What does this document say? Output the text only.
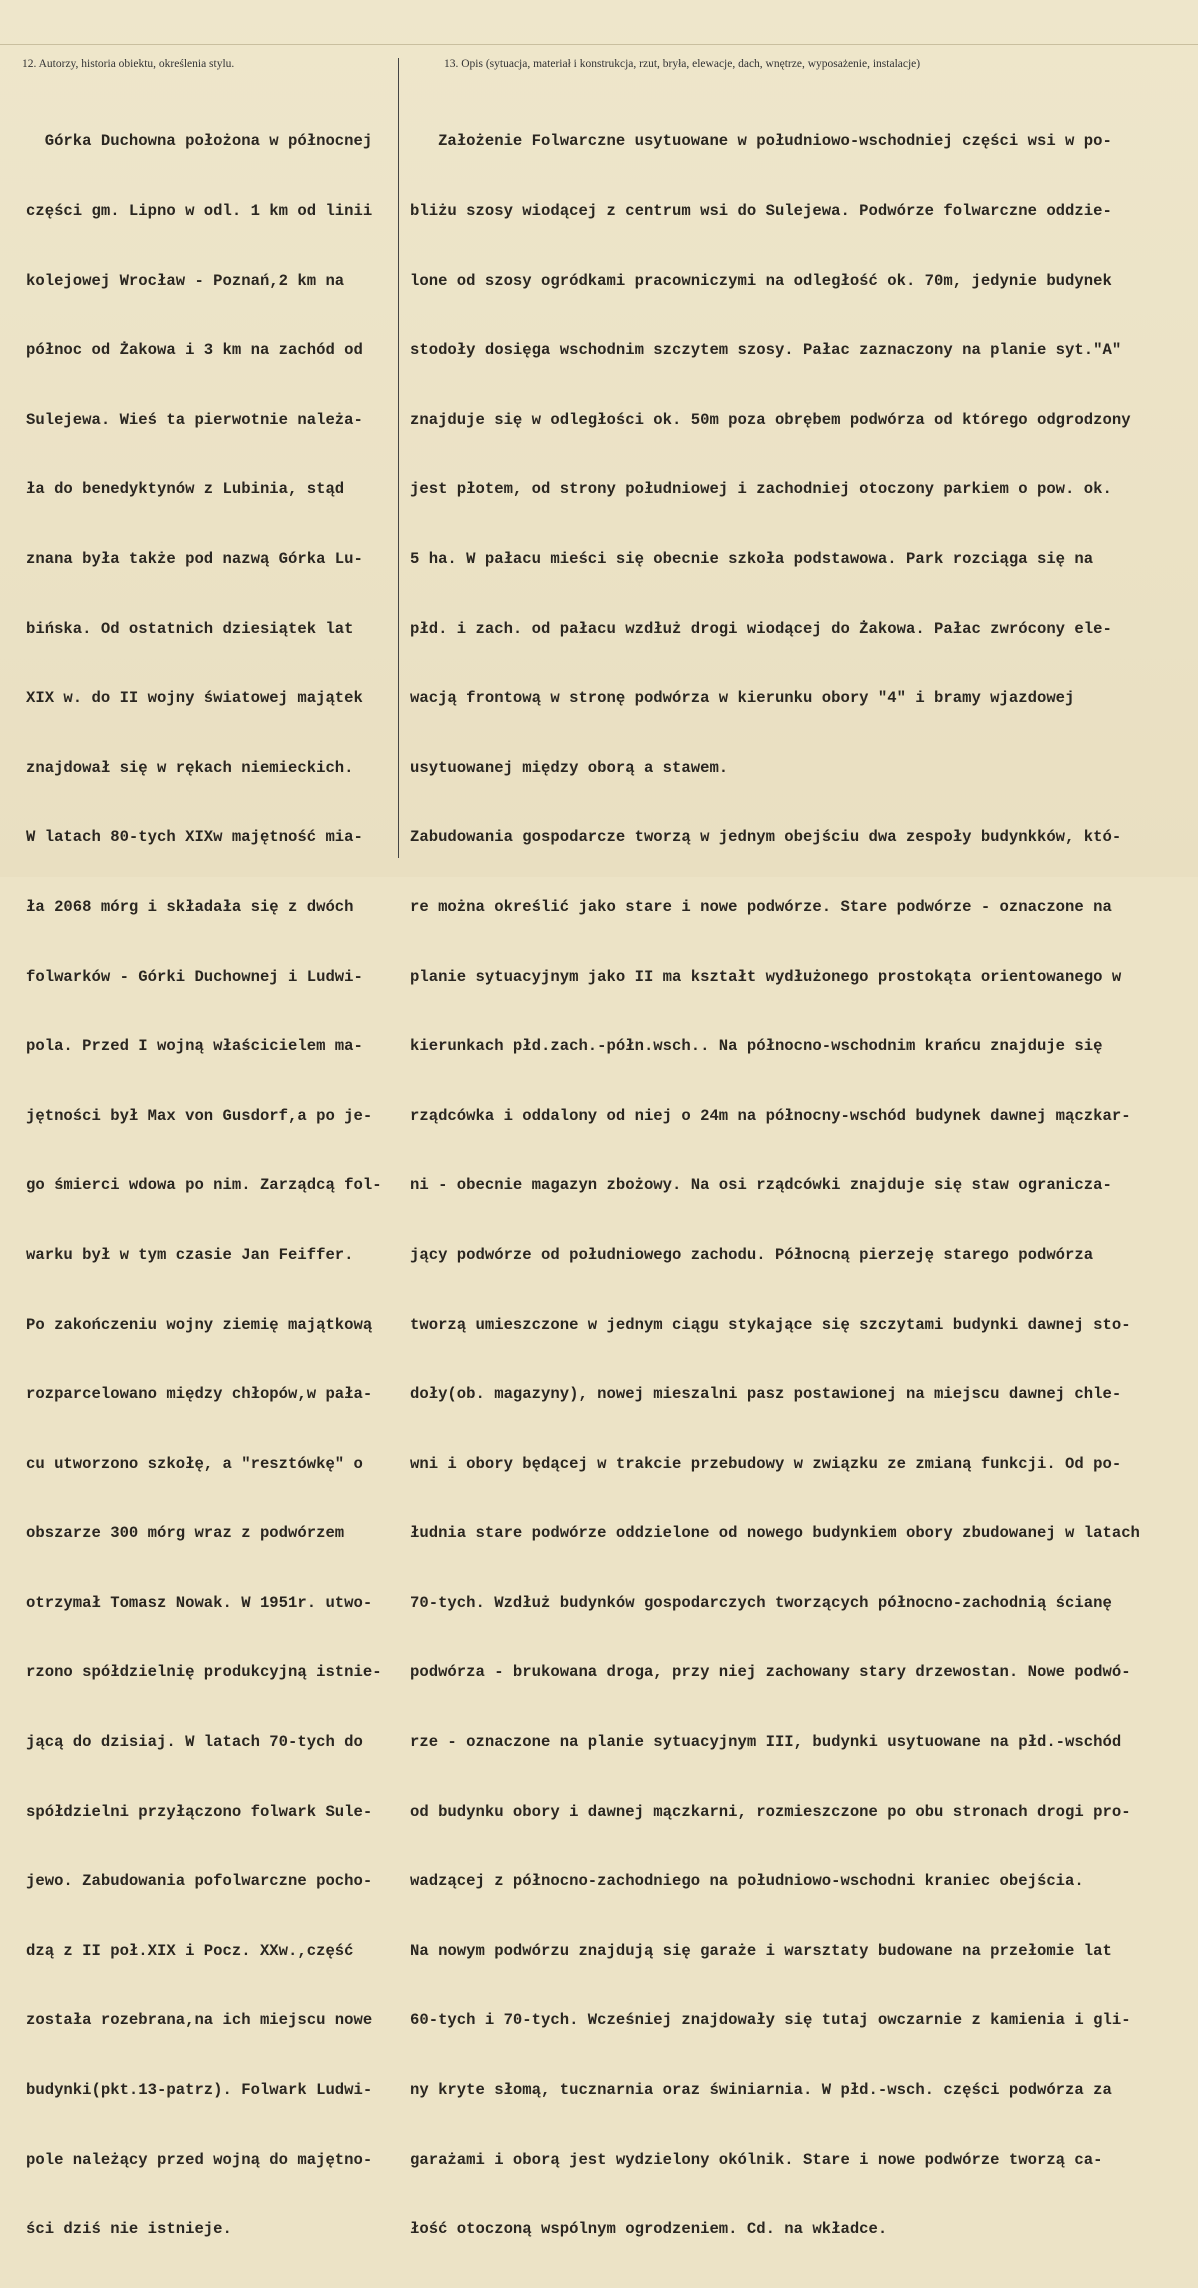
12. Autorzy, historia obiektu, określenia stylu.	13. Opis (sytuacja, materiał i konstrukcja, rzut, bryła, elewacje, dach, wnętrze, wyposażenie, instalacje)

Górka Duchowna położona w północnej

części gm. Lipno w odl. 1 km od linii

kolejowej Wrocław - Poznań,2 km na

północ od Żakowa i 3 km na zachód od

Sulejewa. Wieś ta pierwotnie należa-

ła do benedyktynów z Lubinia, stąd

znana była także pod nazwą Górka Lu-

bińska. Od ostatnich dziesiątek lat

XIX w. do II wojny światowej majątek

znajdował się w rękach niemieckich.

W latach 80-tych XIXw majętność mia-

ła 2068 mórg i składała się z dwóch

folwarków - Górki Duchownej i Ludwi-

pola. Przed I wojną właścicielem ma-

jętności był Max von Gusdorf,a po je-

go śmierci wdowa po nim. Zarządcą fol-

warku był w tym czasie Jan Feiffer.

Po zakończeniu wojny ziemię majątkową

rozparcelowano między chłopów,w pała-

cu utworzono szkołę, a "resztówkę" o

obszarze 300 mórg wraz z podwórzem

otrzymał Tomasz Nowak. W 1951r. utwo-

rzono spółdzielnię produkcyjną istnie-

jącą do dzisiaj. W latach 70-tych do

spółdzielni przyłączono folwark Sule-

jewo. Zabudowania pofolwarczne pocho-

dzą z II poł.XIX i Pocz. XXw.,część

została rozebrana,na ich miejscu nowe

budynki(pkt.13-patrz). Folwark Ludwi-

pole należący przed wojną do majętno-

ści dziś nie istnieje.

Założenie Folwarczne usytuowane w południowo-wschodniej części wsi w po-

bliżu szosy wiodącej z centrum wsi do Sulejewa. Podwórze folwarczne oddzie-

lone od szosy ogródkami pracowniczymi na odległość ok. 70m, jedynie budynek

stodoły dosięga wschodnim szczytem szosy. Pałac zaznaczony na planie syt."A"

znajduje się w odległości ok. 50m poza obrębem podwórza od którego odgrodzony

jest płotem, od strony południowej i zachodniej otoczony parkiem o pow. ok.

5 ha. W pałacu mieści się obecnie szkoła podstawowa. Park rozciąga się na

płd. i zach. od pałacu wzdłuż drogi wiodącej do Żakowa. Pałac zwrócony ele-

wacją frontową w stronę podwórza w kierunku obory "4" i bramy wjazdowej

usytuowanej między oborą a stawem.

Zabudowania gospodarcze tworzą w jednym obejściu dwa zespoły budynkków, któ-

re można określić jako stare i nowe podwórze. Stare podwórze - oznaczone na

planie sytuacyjnym jako II ma kształt wydłużonego prostokąta orientowanego w

kierunkach płd.zach.-półn.wsch.. Na północno-wschodnim krańcu znajduje się

rządcówka i oddalony od niej o 24m na północny-wschód budynek dawnej mączkar-

ni - obecnie magazyn zbożowy. Na osi rządcówki znajduje się staw ogranicza-

jący podwórze od południowego zachodu. Północną pierzeję starego podwórza

tworzą umieszczone w jednym ciągu stykające się szczytami budynki dawnej sto-

doły(ob. magazyny), nowej mieszalni pasz postawionej na miejscu dawnej chle-

wni i obory będącej w trakcie przebudowy w związku ze zmianą funkcji. Od po-

łudnia stare podwórze oddzielone od nowego budynkiem obory zbudowanej w latach

70-tych. Wzdłuż budynków gospodarczych tworzących północno-zachodnią ścianę

podwórza - brukowana droga, przy niej zachowany stary drzewostan. Nowe podwó-

rze - oznaczone na planie sytuacyjnym III, budynki usytuowane na płd.-wschód

od budynku obory i dawnej mączkarni, rozmieszczone po obu stronach drogi pro-

wadzącej z północno-zachodniego na południowo-wschodni kraniec obejścia.

Na nowym podwórzu znajdują się garaże i warsztaty budowane na przełomie lat

60-tych i 70-tych. Wcześniej znajdowały się tutaj owczarnie z kamienia i gli-

ny kryte słomą, tucznarnia oraz świniarnia. W płd.-wsch. części podwórza za

garażami i oborą jest wydzielony okólnik. Stare i nowe podwórze tworzą ca-

łość otoczoną wspólnym ogrodzeniem. Cd. na wkładce.
